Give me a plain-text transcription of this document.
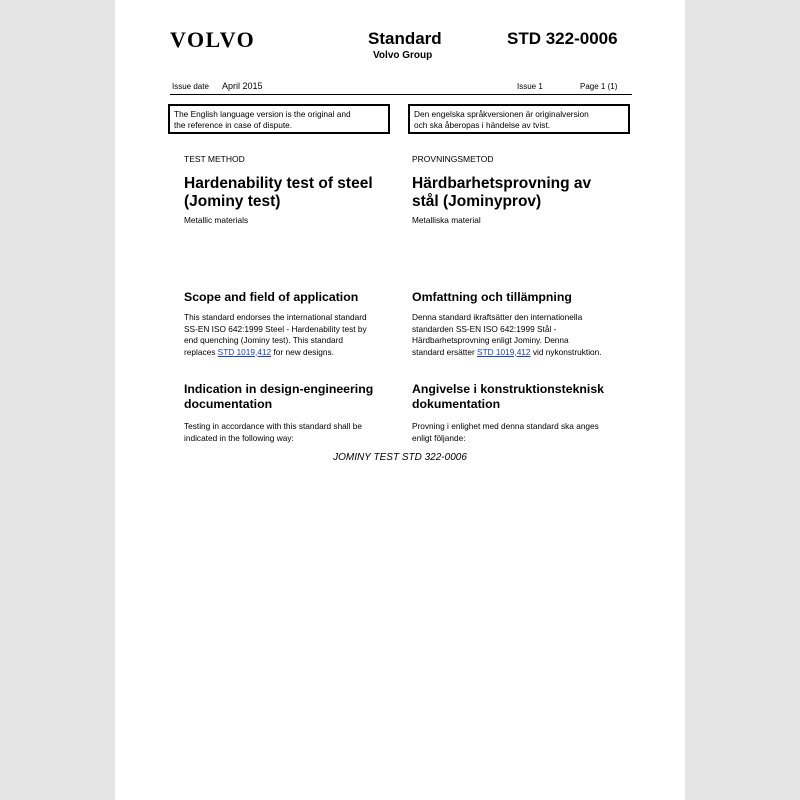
VOLVO	Standard
Volvo Group
STD 322-0006
Issue date April 2015	Issue 1	Page 1 (1)
The English language version is the original and
the reference in case of dispute.
Den engelska språkversionen är originalversion
och ska åberopas i händelse av tvist.
TEST METHOD
Hardenability test of steel
(Jominy test)
Metallic materials
Scope and field of application
This standard endorses the international standard
SS-EN ISO 642:1999 Steel - Hardenability test by
end quenching (Jominy test). This standard
replaces STD 1019,412 for new designs.
Indication in design-engineering
documentation
Testing in accordance with this standard shall be
indicated in the following way:
PROVNINGSMETOD
Härdbarhetsprovning av
stål (Jominyprov)
Metalliska material
Omfattning och tillämpning
Denna standard ikraftsätter den internationella
standarden SS-EN ISO 642:1999 Stål -
Härdbarhetsprovning enligt Jominy. Denna
standard ersätter STD 1019,412 vid nykonstruktion.
Angivelse i konstruktionsteknisk
dokumentation
Provning i enlighet med denna standard ska anges
enligt följande:
JOMINY TEST STD 322-0006
